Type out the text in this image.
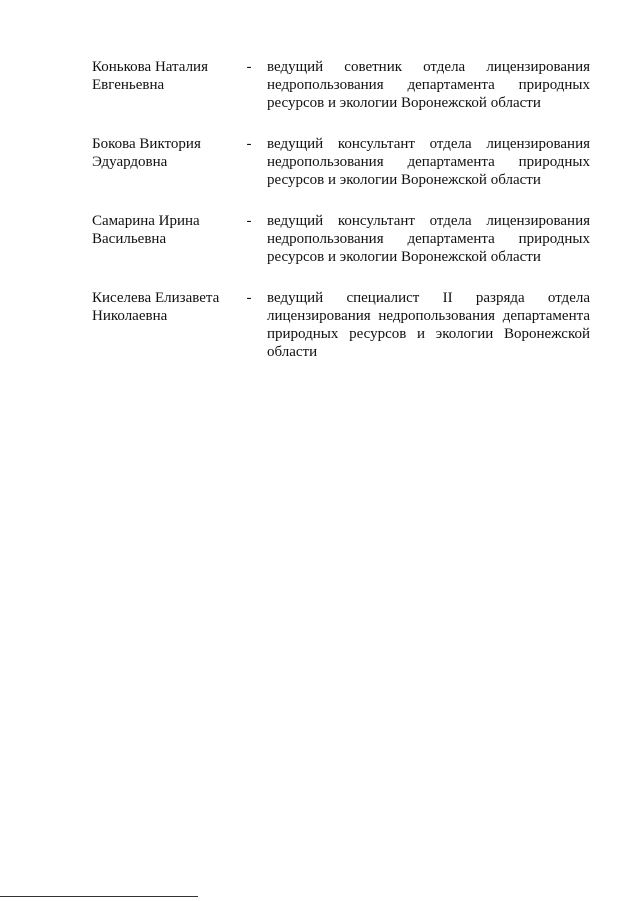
Конькова Наталия
Евгеньевна
- ведущий советник отдела лицензирования недропользования департамента природных ресурсов и экологии Воронежской области
Бокова Виктория
Эдуардовна
- ведущий консультант отдела лицензирования недропользования департамента природных ресурсов и экологии Воронежской области
Самарина Ирина
Васильевна
- ведущий консультант отдела лицензирования недропользования департамента природных ресурсов и экологии Воронежской области
Киселева Елизавета
Николаевна
- ведущий специалист II разряда отдела лицензирования недропользования департамента природных ресурсов и экологии Воронежской области
